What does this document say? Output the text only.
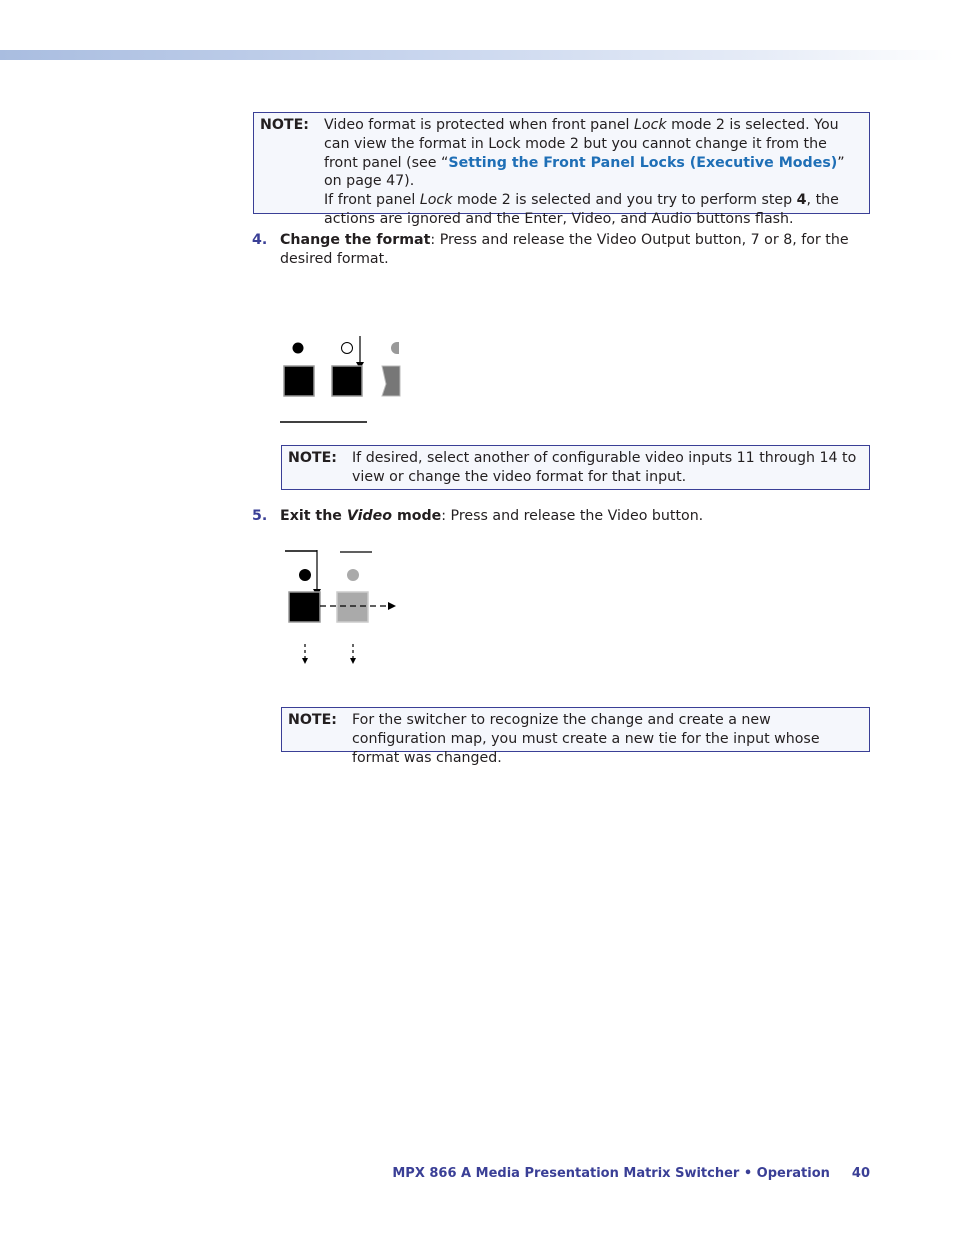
NOTE: Video format is protected when front panel Lock mode 2 is selected. You can view the format in Lock mode 2 but you cannot change it from the front panel (see “Setting the Front Panel Locks (Executive Modes)” on page 47).
If front panel Lock mode 2 is selected and you try to perform step 4, the actions are ignored and the Enter, Video, and Audio buttons flash.
4. Change the format: Press and release the Video Output button, 7 or 8, for the desired format.
NOTE: If desired, select another of configurable video inputs 11 through 14 to view or change the video format for that input.
5. Exit the Video mode: Press and release the Video button.
NOTE: For the switcher to recognize the change and create a new configuration map, you must create a new tie for the input whose format was changed.
MPX 866 A Media Presentation Matrix Switcher • Operation 40
